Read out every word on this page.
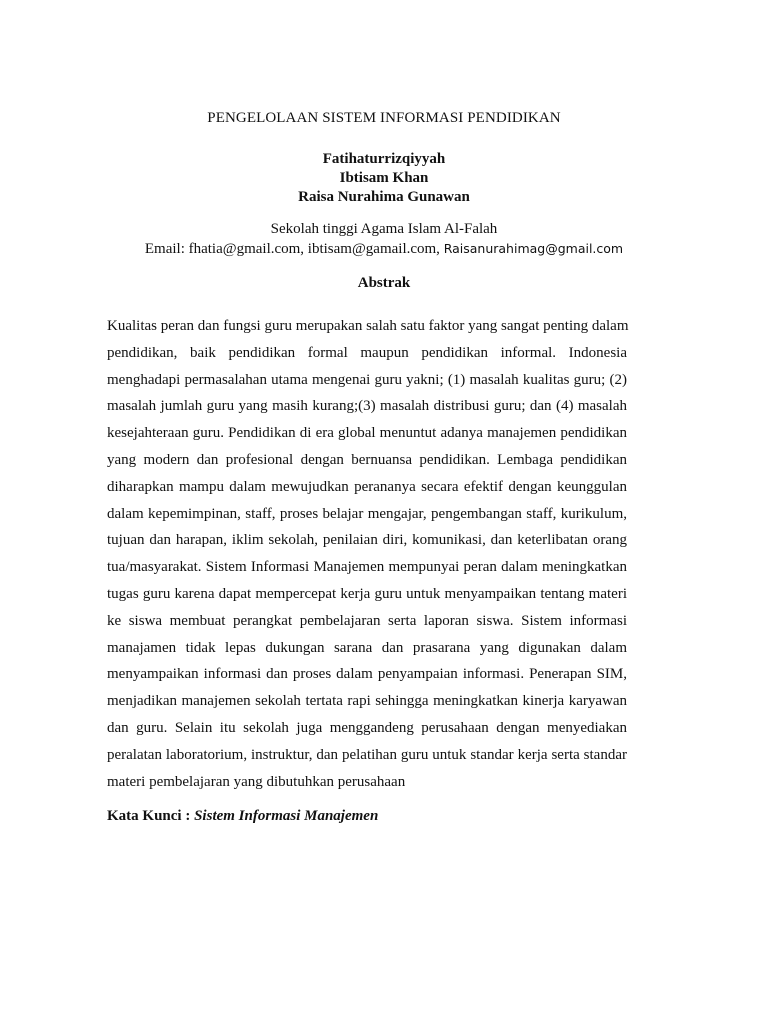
PENGELOLAAN SISTEM INFORMASI PENDIDIKAN
Fatihaturrizqiyyah
Ibtisam Khan
Raisa Nurahima Gunawan
Sekolah tinggi Agama Islam Al-Falah
Email: fhatia@gmail.com, ibtisam@gamail.com, Raisanurahimag@gmail.com
Abstrak
Kualitas peran dan fungsi guru merupakan salah satu faktor yang sangat penting dalam
pendidikan, baik pendidikan formal maupun pendidikan informal. Indonesia
menghadapi permasalahan utama mengenai guru yakni; (1) masalah kualitas guru; (2)
masalah jumlah guru yang masih kurang;(3) masalah distribusi guru; dan (4) masalah
kesejahteraan guru. Pendidikan di era global menuntut adanya manajemen pendidikan
yang modern dan profesional dengan bernuansa pendidikan. Lembaga pendidikan
diharapkan mampu dalam mewujudkan perananya secara efektif dengan keunggulan
dalam kepemimpinan, staff, proses belajar mengajar, pengembangan staff, kurikulum,
tujuan dan harapan, iklim sekolah, penilaian diri, komunikasi, dan keterlibatan orang
tua/masyarakat. Sistem Informasi Manajemen mempunyai peran dalam meningkatkan
tugas guru karena dapat mempercepat kerja guru untuk menyampaikan tentang materi
ke siswa membuat perangkat pembelajaran serta laporan siswa. Sistem informasi
manajamen tidak lepas dukungan sarana dan prasarana yang digunakan dalam
menyampaikan informasi dan proses dalam penyampaian informasi. Penerapan SIM,
menjadikan manajemen sekolah tertata rapi sehingga meningkatkan kinerja karyawan
dan guru. Selain itu sekolah juga menggandeng perusahaan dengan menyediakan
peralatan laboratorium, instruktur, dan pelatihan guru untuk standar kerja serta standar
materi pembelajaran yang dibutuhkan perusahaan
Kata Kunci : Sistem Informasi Manajemen
